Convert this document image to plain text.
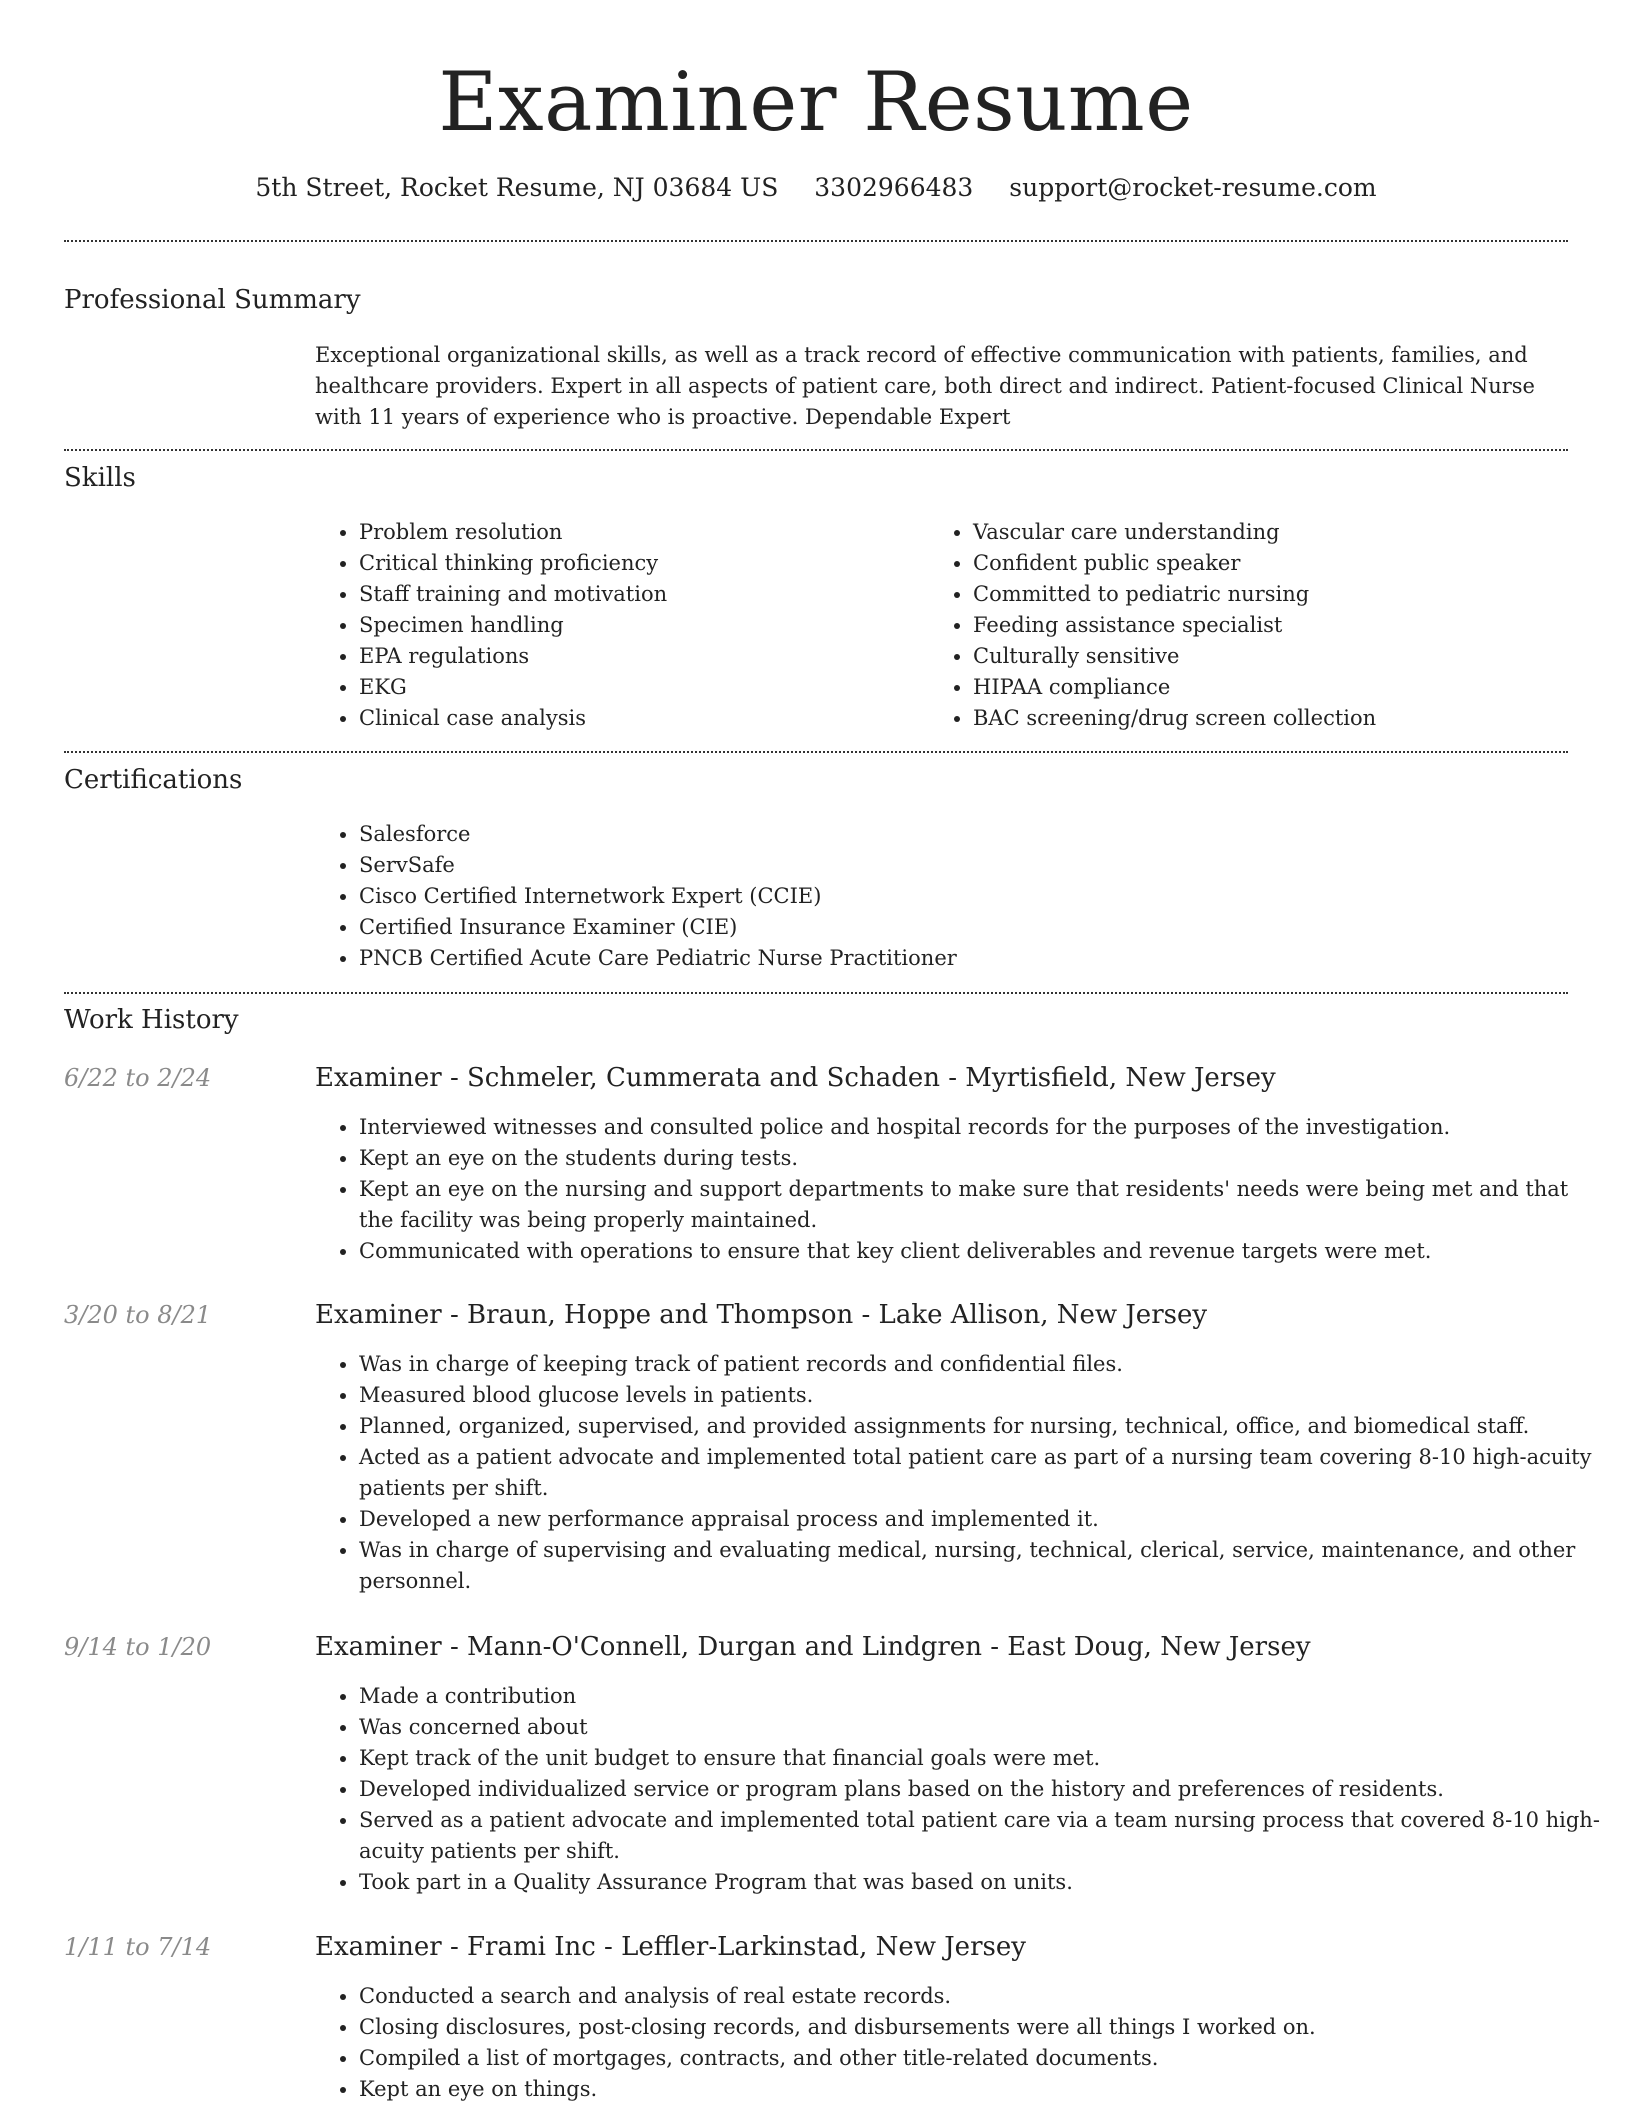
Examiner Resume
5th Street, Rocket Resume, NJ 03684 US 3302966483 support@rocket-resume.com
Professional Summary

Exceptional organizational skills, as well as a track record of effective communication with patients, families, and healthcare providers. Expert in all aspects of patient care, both direct and indirect. Patient-focused Clinical Nurse with 11 years of experience who is proactive. Dependable Expert

Skills
• Problem resolution
• Critical thinking proficiency
• Staff training and motivation
• Specimen handling
• EPA regulations
• EKG
• Clinical case analysis
• Vascular care understanding
• Confident public speaker
• Committed to pediatric nursing
• Feeding assistance specialist
• Culturally sensitive
• HIPAA compliance
• BAC screening/drug screen collection
Certifications
• Salesforce
• ServSafe
• Cisco Certified Internetwork Expert (CCIE)
• Certified Insurance Examiner (CIE)
• PNCB Certified Acute Care Pediatric Nurse Practitioner
Work History
6/22 to 2/24	Examiner - Schmeler, Cummerata and Schaden - Myrtisfield, New Jersey
• Interviewed witnesses and consulted police and hospital records for the purposes of the investigation.
• Kept an eye on the students during tests.
• Kept an eye on the nursing and support departments to make sure that residents' needs were being met and that the facility was being properly maintained.
• Communicated with operations to ensure that key client deliverables and revenue targets were met.
3/20 to 8/21	Examiner - Braun, Hoppe and Thompson - Lake Allison, New Jersey
• Was in charge of keeping track of patient records and confidential files.
• Measured blood glucose levels in patients.
• Planned, organized, supervised, and provided assignments for nursing, technical, office, and biomedical staff.
• Acted as a patient advocate and implemented total patient care as part of a nursing team covering 8-10 high-acuity patients per shift.
• Developed a new performance appraisal process and implemented it.
• Was in charge of supervising and evaluating medical, nursing, technical, clerical, service, maintenance, and other personnel.
9/14 to 1/20	Examiner - Mann-O'Connell, Durgan and Lindgren - East Doug, New Jersey
• Made a contribution
• Was concerned about
• Kept track of the unit budget to ensure that financial goals were met.
• Developed individualized service or program plans based on the history and preferences of residents.
• Served as a patient advocate and implemented total patient care via a team nursing process that covered 8-10 high-acuity patients per shift.
• Took part in a Quality Assurance Program that was based on units.
1/11 to 7/14	Examiner - Frami Inc - Leffler-Larkinstad, New Jersey
• Conducted a search and analysis of real estate records.
• Closing disclosures, post-closing records, and disbursements were all things I worked on.
• Compiled a list of mortgages, contracts, and other title-related documents.
• Kept an eye on things.
